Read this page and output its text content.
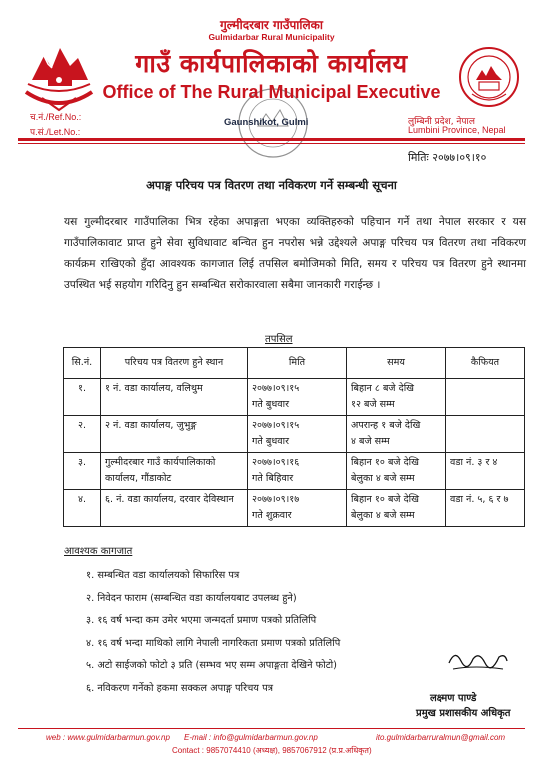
गुल्मीदरबार गाउँपालिका
Gulmidarbar Rural Municipality
गाउँ कार्यपालिकाको कार्यालय
Office of The Rural Municipal Executive
च.नं./Ref.No.:
प.सं./Let.No.:
Gaunshikot, Gulmi	लुम्बिनी प्रदेश, नेपाल
Lumbini Province, Nepal
मितिः २०७७।०९।१०
अपाङ्ग परिचय पत्र वितरण तथा नविकरण गर्ने सम्बन्धी सूचना
यस गुल्मीदरबार गाउँपालिका भित्र रहेका अपाङ्गता भएका व्यक्तिहरुको पहिचान गर्ने तथा नेपाल सरकार र यस गाउँपालिकावाट प्राप्त हुने सेवा सुविधावाट बन्चित हुन नपरोस भन्ने उद्देश्यले अपाङ्ग परिचय पत्र वितरण तथा नविकरण कार्यक्रम राखिएको हुँदा आवश्यक कागजात लिई तपसिल बमोजिमको मिति, समय र परिचय पत्र वितरण हुने स्थानमा उपस्थित भई सहयोग गरिदिनु हुन सम्बन्धित सरोकारवाला सबैमा जानकारी गराईन्छ ।
तपसिल
सि.नं.	परिचय पत्र वितरण हुने स्थान	मिति	समय	कैफियत
१.	१ नं. वडा कार्यालय, वलिथुम	२०७७।०९।१५
गते बुधवार	बिहान ८ बजे देखि
१२ बजे सम्म	
२.	२ नं. वडा कार्यालय, जुभुङ्ग	२०७७।०९।१५
गते बुधवार	अपरान्ह १ बजे देखि
४ बजे सम्म	
३.	गुल्मीदरबार गाउँ कार्यपालिकाको कार्यालय, गौंडाकोट	२०७७।०९।१६
गते बिहिवार	बिहान १० बजे देखि
बेलुका ४ बजे सम्म	वडा नं. ३ र ४
४.	६. नं. वडा कार्यालय, दरवार देविस्थान	२०७७।०९।१७
गते शुक्रवार	बिहान १० बजे देखि
बेलुका ४ बजे सम्म	वडा नं. ५, ६ र ७
आवश्यक कागजात
१. सम्बन्धित वडा कार्यालयको सिफारिस पत्र
२. निवेदन फाराम (सम्बन्धित वडा कार्यालयबाट उपलब्ध हुने)
३. १६ वर्ष भन्दा कम उमेर भएमा जन्मदर्ता प्रमाण पत्रको प्रतिलिपि
४. १६ वर्ष भन्दा माथिको लागि नेपाली नागरिकता प्रमाण पत्रको प्रतिलिपि
५. अटो साईजको फोटो ३ प्रति (सम्भव भए सम्म अपाङ्गता देखिने फोटो)
६. नविकरण गर्नेको हकमा सक्कल अपाङ्ग परिचय पत्र
लक्ष्मण पाण्डे
प्रमुख प्रशासकीय अधिकृत
web : www.gulmidarbarmun.gov.np E-mail : info@gulmidarbarmun.gov.np	ito.gulmidarbarruralmun@gmail.com
Contact : 9857074410 (अध्यक्ष), 9857067912 (प्र.प्र.अधिकृत)
